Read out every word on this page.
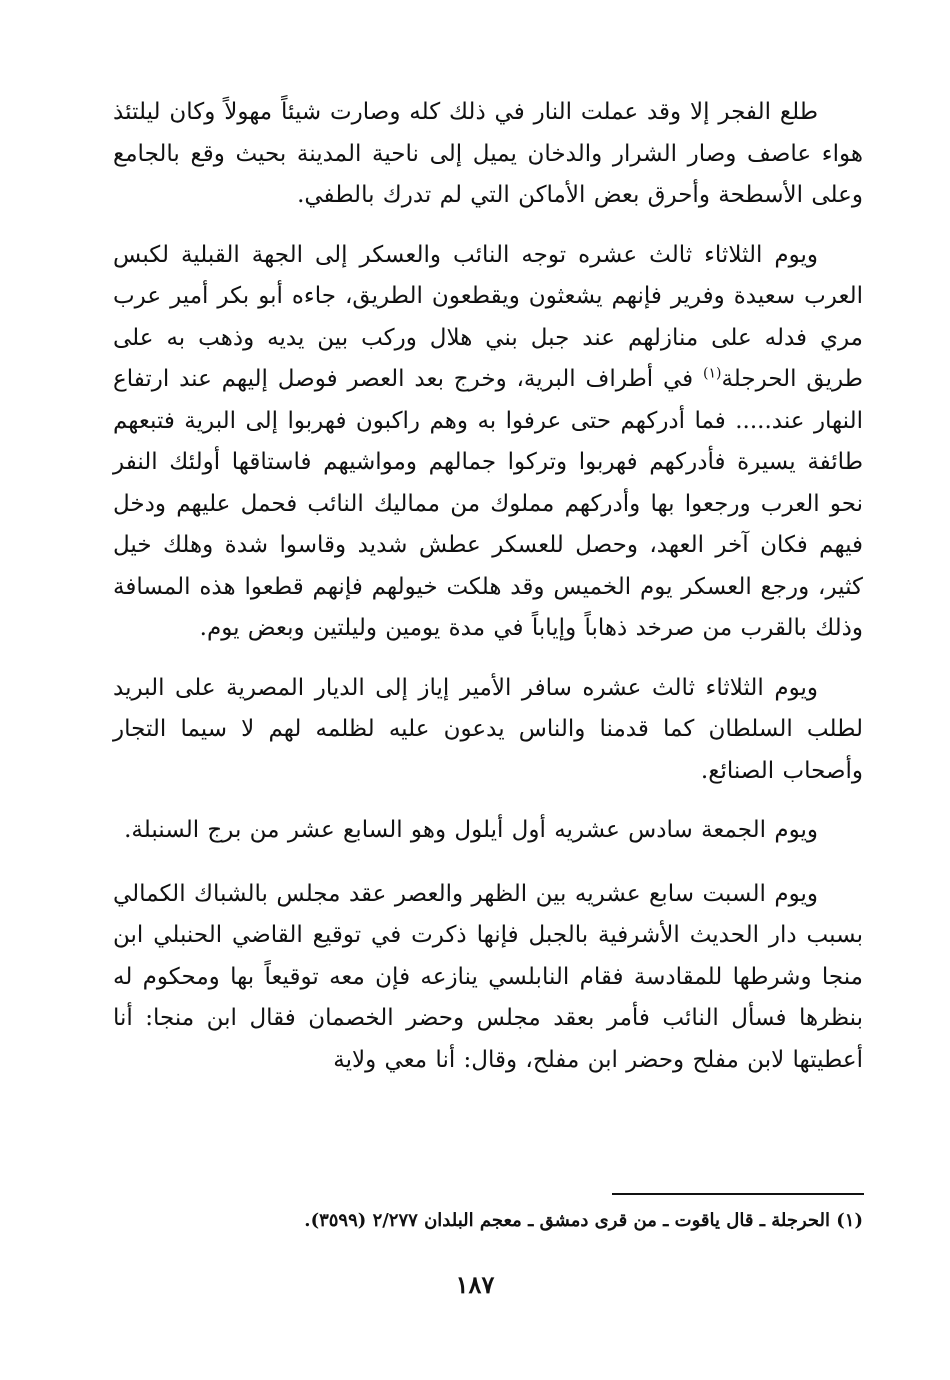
طلع الفجر إلا وقد عملت النار في ذلك كله وصارت شيئاً مهولاً وكان ليلتئذ هواء عاصف وصار الشرار والدخان يميل إلى ناحية المدينة بحيث وقع بالجامع وعلى الأسطحة وأحرق بعض الأماكن التي لم تدرك بالطفي.

ويوم الثلاثاء ثالث عشره توجه النائب والعسكر إلى الجهة القبلية لكبس العرب سعيدة وفرير فإنهم يشعثون ويقطعون الطريق، جاءه أبو بكر أمير عرب مري فدله على منازلهم عند جبل بني هلال وركب بين يديه وذهب به على طريق الحرجلة$^{(١)}$ في أطراف البرية، وخرج بعد العصر فوصل إليهم عند ارتفاع النهار عند..... فما أدركهم حتى عرفوا به وهم راكبون فهربوا إلى البرية فتبعهم طائفة يسيرة فأدركهم فهربوا وتركوا جمالهم ومواشيهم فاستاقها أولئك النفر نحو العرب ورجعوا بها وأدركهم مملوك من مماليك النائب فحمل عليهم ودخل فيهم فكان آخر العهد، وحصل للعسكر عطش شديد وقاسوا شدة وهلك خيل كثير، ورجع العسكر يوم الخميس وقد هلكت خيولهم فإنهم قطعوا هذه المسافة وذلك بالقرب من صرخد ذهاباً وإياباً في مدة يومين وليلتين وبعض يوم.

ويوم الثلاثاء ثالث عشره سافر الأمير إياز إلى الديار المصرية على البريد لطلب السلطان كما قدمنا والناس يدعون عليه لظلمه لهم لا سيما التجار وأصحاب الصنائع.

ويوم الجمعة سادس عشريه أول أيلول وهو السابع عشر من برج السنبلة.

ويوم السبت سابع عشريه بين الظهر والعصر عقد مجلس بالشباك الكمالي بسبب دار الحديث الأشرفية بالجبل فإنها ذكرت في توقيع القاضي الحنبلي ابن منجا وشرطها للمقادسة فقام النابلسي ينازعه فإن معه توقيعاً بها ومحكوم له بنظرها فسأل النائب فأمر بعقد مجلس وحضر الخصمان فقال ابن منجا: أنا أعطيتها لابن مفلح وحضر ابن مفلح، وقال: أنا معي ولاية

(١) الحرجلة ـ قال ياقوت ـ من قرى دمشق ـ معجم البلدان ٢/٢٧٧ (٣٥٩٩).
١٨٧
